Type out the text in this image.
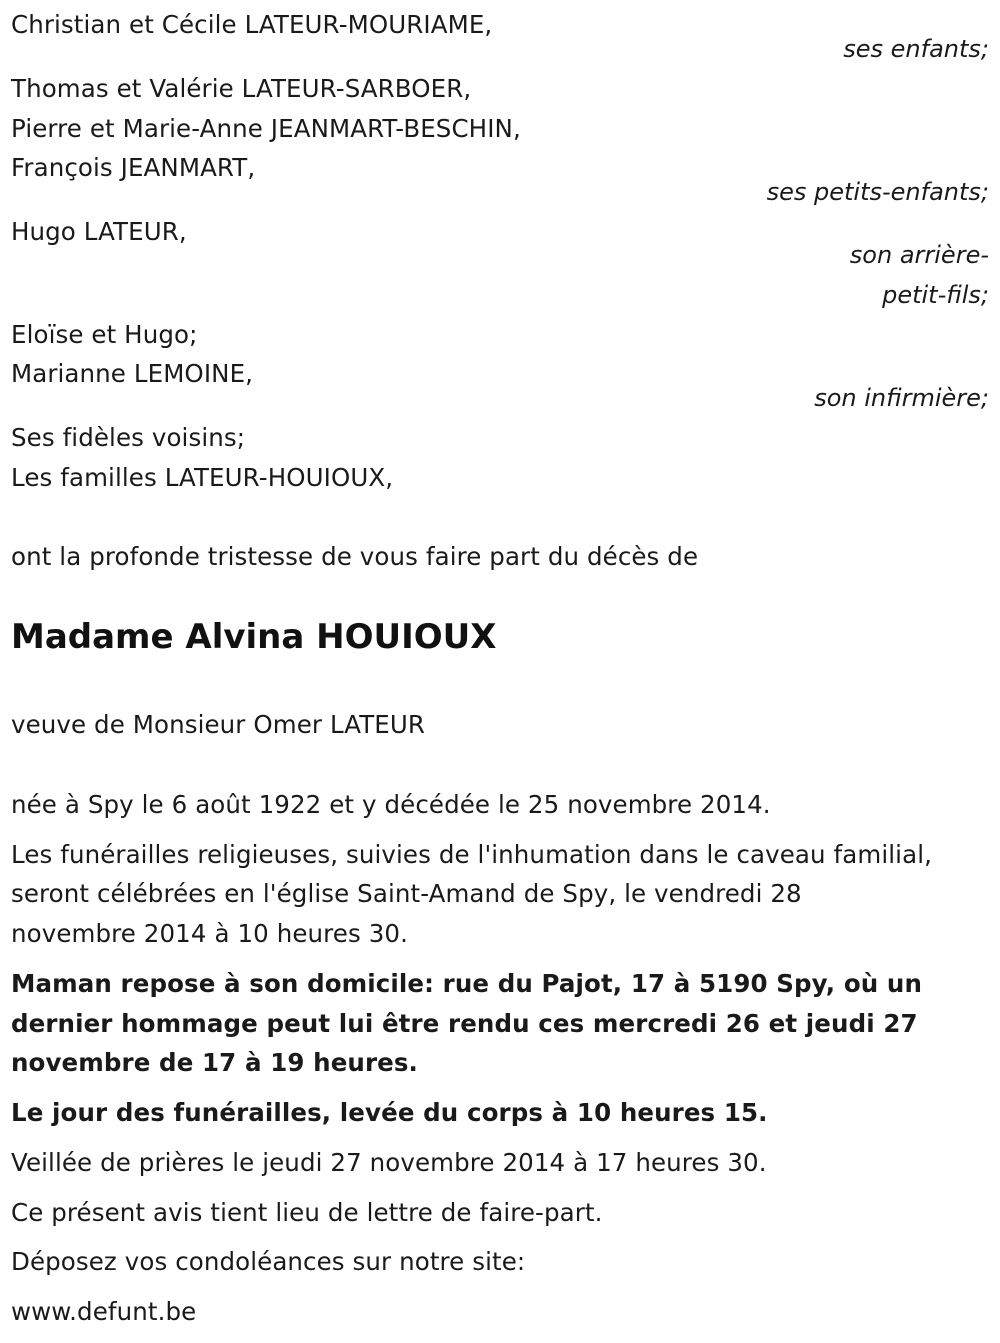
Christian et Cécile LATEUR-MOURIAME,
ses enfants;
Thomas et Valérie LATEUR-SARBOER,
Pierre et Marie-Anne JEANMART-BESCHIN,
François JEANMART,
ses petits-enfants;
Hugo LATEUR,
son arrière-
petit-fils;
Eloïse et Hugo;
Marianne LEMOINE,
son infirmière;
Ses fidèles voisins;
Les familles LATEUR-HOUIOUX,
ont la profonde tristesse de vous faire part du décès de
Madame Alvina HOUIOUX
veuve de Monsieur Omer LATEUR
née à Spy le 6 août 1922 et y décédée le 25 novembre 2014.
Les funérailles religieuses, suivies de l'inhumation dans le caveau familial,
seront célébrées en l'église Saint-Amand de Spy, le vendredi 28
novembre 2014 à 10 heures 30.
Maman repose à son domicile: rue du Pajot, 17 à 5190 Spy, où un
dernier hommage peut lui être rendu ces mercredi 26 et jeudi 27
novembre de 17 à 19 heures.
Le jour des funérailles, levée du corps à 10 heures 15.
Veillée de prières le jeudi 27 novembre 2014 à 17 heures 30.
Ce présent avis tient lieu de lettre de faire-part.
Déposez vos condoléances sur notre site:
www.defunt.be
